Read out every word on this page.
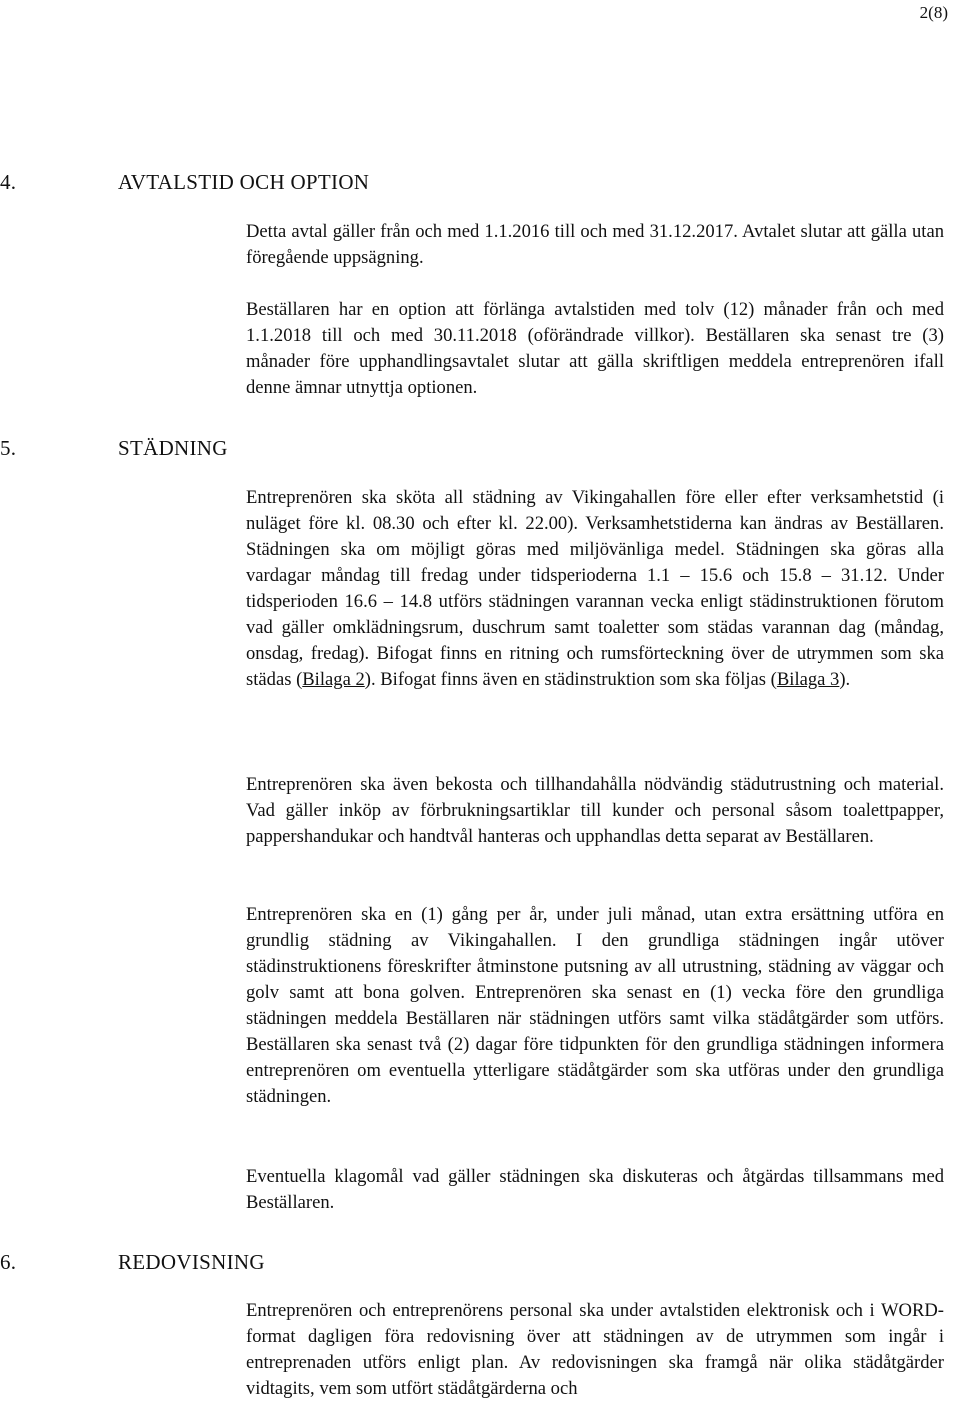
2(8)
4.	AVTALSTID OCH OPTION

Detta avtal gäller från och med 1.1.2016 till och med 31.12.2017. Avtalet slutar att gälla utan föregående uppsägning.

Beställaren har en option att förlänga avtalstiden med tolv (12) månader från och med 1.1.2018 till och med 30.11.2018 (oförändrade villkor). Beställaren ska senast tre (3) månader före upphandlingsavtalet slutar att gälla skriftligen meddela entreprenören ifall denne ämnar utnyttja optionen.

5.	STÄDNING

Entreprenören ska sköta all städning av Vikingahallen före eller efter verksamhetstid (i nuläget före kl. 08.30 och efter kl. 22.00). Verksamhetstiderna kan ändras av Beställaren. Städningen ska om möjligt göras med miljövänliga medel. Städningen ska göras alla vardagar måndag till fredag under tidsperioderna 1.1 – 15.6 och 15.8 – 31.12. Under tidsperioden 16.6 – 14.8 utförs städningen varannan vecka enligt städinstruktionen förutom vad gäller omklädningsrum, duschrum samt toaletter som städas varannan dag (måndag, onsdag, fredag). Bifogat finns en ritning och rumsförteckning över de utrymmen som ska städas (Bilaga 2). Bifogat finns även en städinstruktion som ska följas (Bilaga 3).

Entreprenören ska även bekosta och tillhandahålla nödvändig städutrustning och material. Vad gäller inköp av förbrukningsartiklar till kunder och personal såsom toalettpapper, pappershandukar och handtvål hanteras och upphandlas detta separat av Beställaren.

Entreprenören ska en (1) gång per år, under juli månad, utan extra ersättning utföra en grundlig städning av Vikingahallen. I den grundliga städningen ingår utöver städinstruktionens föreskrifter åtminstone putsning av all utrustning, städning av väggar och golv samt att bona golven. Entreprenören ska senast en (1) vecka före den grundliga städningen meddela Beställaren när städningen utförs samt vilka städåtgärder som utförs. Beställaren ska senast två (2) dagar före tidpunkten för den grundliga städningen informera entreprenören om eventuella ytterligare städåtgärder som ska utföras under den grundliga städningen.

Eventuella klagomål vad gäller städningen ska diskuteras och åtgärdas tillsammans med Beställaren.

6.	REDOVISNING

Entreprenören och entreprenörens personal ska under avtalstiden elektronisk och i WORD-format dagligen föra redovisning över att städningen av de utrymmen som ingår i entreprenaden utförs enligt plan. Av redovisningen ska framgå när olika städåtgärder vidtagits, vem som utfört städåtgärderna och
